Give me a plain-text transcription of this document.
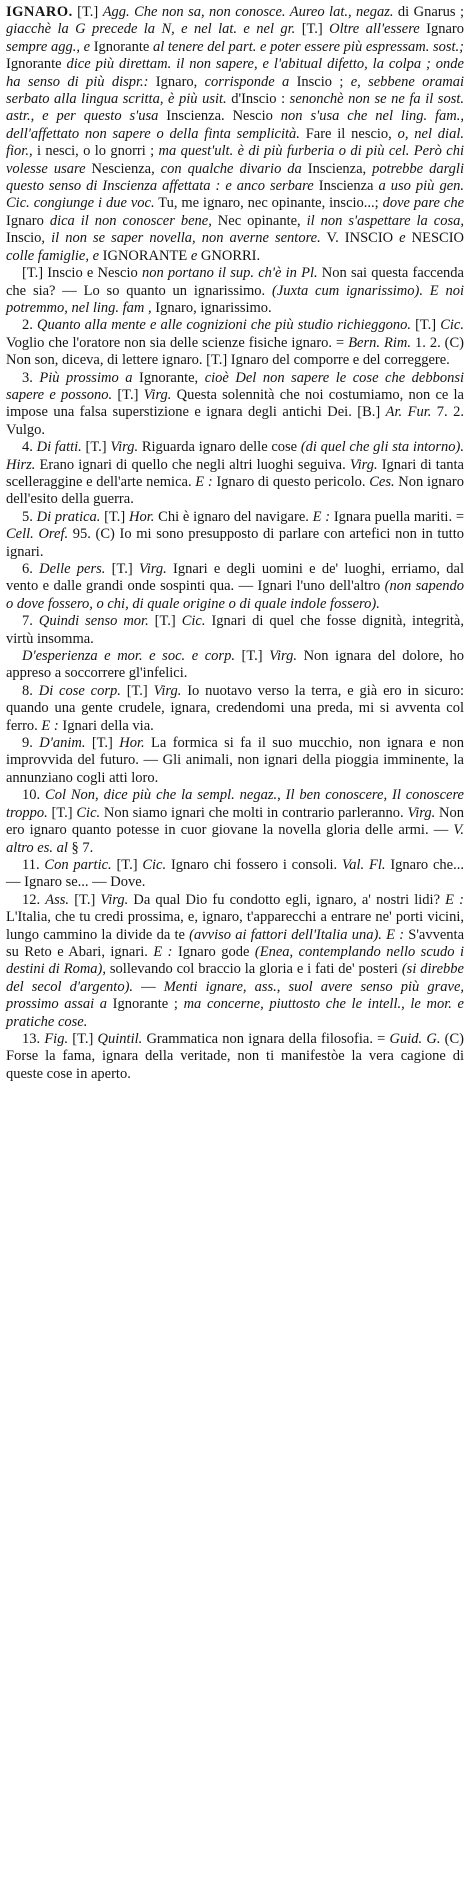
IGNARO. [T.] Agg. Che non sa, non conosce. Aureo lat., negaz. di Gnarus ; giacchè la G precede la N, e nel lat. e nel gr. [T.] Oltre all'essere Ignaro sempre agg., e Ignorante al tenere del part. e poter essere più espressam. sost.; Ignorante dice più direttam. il non sapere, e l'abitual difetto, la colpa ; onde ha senso di più dispr.: Ignaro, corrisponde a Inscio ; e, sebbene oramai serbato alla lingua scritta, è più usit. d'Inscio : senonchè non se ne fa il sost. astr., e per questo s'usa Inscienza. Nescio non s'usa che nel ling. fam., dell'affettato non sapere o della finta semplicità. Fare il nescio, o, nel dial. fior., i nesci, o lo gnorri ; ma quest'ult. è di più furberia o di più cel. Però chi volesse usare Nescienza, con qualche divario da Inscienza, potrebbe dargli questo senso di Inscienza affettata : e anco serbare Inscienza a uso più gen. Cic. congiunge i due voc. Tu, me ignaro, nec opinante, inscio...; dove pare che Ignaro dica il non conoscer bene, Nec opinante, il non s'aspettare la cosa, Inscio, il non se saper novella, non averne sentore. V. INSCIO e NESCIO colle famiglie, e IGNORANTE e GNORRI.

[T.] Inscio e Nescio non portano il sup. ch'è in Pl. Non sai questa faccenda che sia? — Lo so quanto un ignarissimo. (Juxta cum ignarissimo). E noi potremmo, nel ling. fam , Ignaro, ignarissimo.

2. Quanto alla mente e alle cognizioni che più studio richieggono. [T.] Cic. Voglio che l'oratore non sia delle scienze fisiche ignaro. = Bern. Rim. 1. 2. (C) Non son, diceva, di lettere ignaro. [T.] Ignaro del comporre e del correggere.

3. Più prossimo a Ignorante, cioè Del non sapere le cose che debbonsi sapere e possono. [T.] Virg. Questa solennità che noi costumiamo, non ce la impose una falsa superstizione e ignara degli antichi Dei. [B.] Ar. Fur. 7. 2. Vulgo.

4. Di fatti. [T.] Virg. Riguarda ignaro delle cose (di quel che gli sta intorno). Hirz. Erano ignari di quello che negli altri luoghi seguiva. Virg. Ignari di tanta scelleraggine e dell'arte nemica. E : Ignaro di questo pericolo. Ces. Non ignaro dell'esito della guerra.

5. Di pratica. [T.] Hor. Chi è ignaro del navigare. E : Ignara puella mariti. = Cell. Oref. 95. (C) Io mi sono presupposto di parlare con artefici non in tutto ignari.

6. Delle pers. [T.] Virg. Ignari e degli uomini e de' luoghi, erriamo, dal vento e dalle grandi onde sospinti qua. — Ignari l'uno dell'altro (non sapendo o dove fossero, o chi, di quale origine o di quale indole fossero).

7. Quindi senso mor. [T.] Cic. Ignari di quel che fosse dignità, integrità, virtù insomma.

D'esperienza e mor. e soc. e corp. [T.] Virg. Non ignara del dolore, ho appreso a soccorrere gl'infelici.

8. Di cose corp. [T.] Virg. Io nuotavo verso la terra, e già ero in sicuro: quando una gente crudele, ignara, credendomi una preda, mi si avventa col ferro. E : Ignari della via.

9. D'anim. [T.] Hor. La formica si fa il suo mucchio, non ignara e non improvvida del futuro. — Gli animali, non ignari della pioggia imminente, la annunziano cogli atti loro.

10. Col Non, dice più che la sempl. negaz., Il ben conoscere, Il conoscere troppo. [T.] Cic. Non siamo ignari che molti in contrario parleranno. Virg. Non ero ignaro quanto potesse in cuor giovane la novella gloria delle armi. — V. altro es. al § 7.

11. Con partic. [T.] Cic. Ignaro chi fossero i consoli. Val. Fl. Ignaro che... — Ignaro se... — Dove.

12. Ass. [T.] Virg. Da qual Dio fu condotto egli, ignaro, a' nostri lidi? E : L'Italia, che tu credi prossima, e, ignaro, t'apparecchi a entrare ne' porti vicini, lungo cammino la divide da te (avviso ai fattori dell'Italia una). E : S'avventa su Reto e Abari, ignari. E : Ignaro gode (Enea, contemplando nello scudo i destini di Roma), sollevando col braccio la gloria e i fati de' posteri (si direbbe del secol d'argento). — Menti ignare, ass., suol avere senso più grave, prossimo assai a Ignorante ; ma concerne, piuttosto che le intell., le mor. e pratiche cose.

13. Fig. [T.] Quintil. Grammatica non ignara della filosofia. = Guid. G. (C) Forse la fama, ignara della veritade, non ti manifestòe la vera cagione di queste cose in aperto.
